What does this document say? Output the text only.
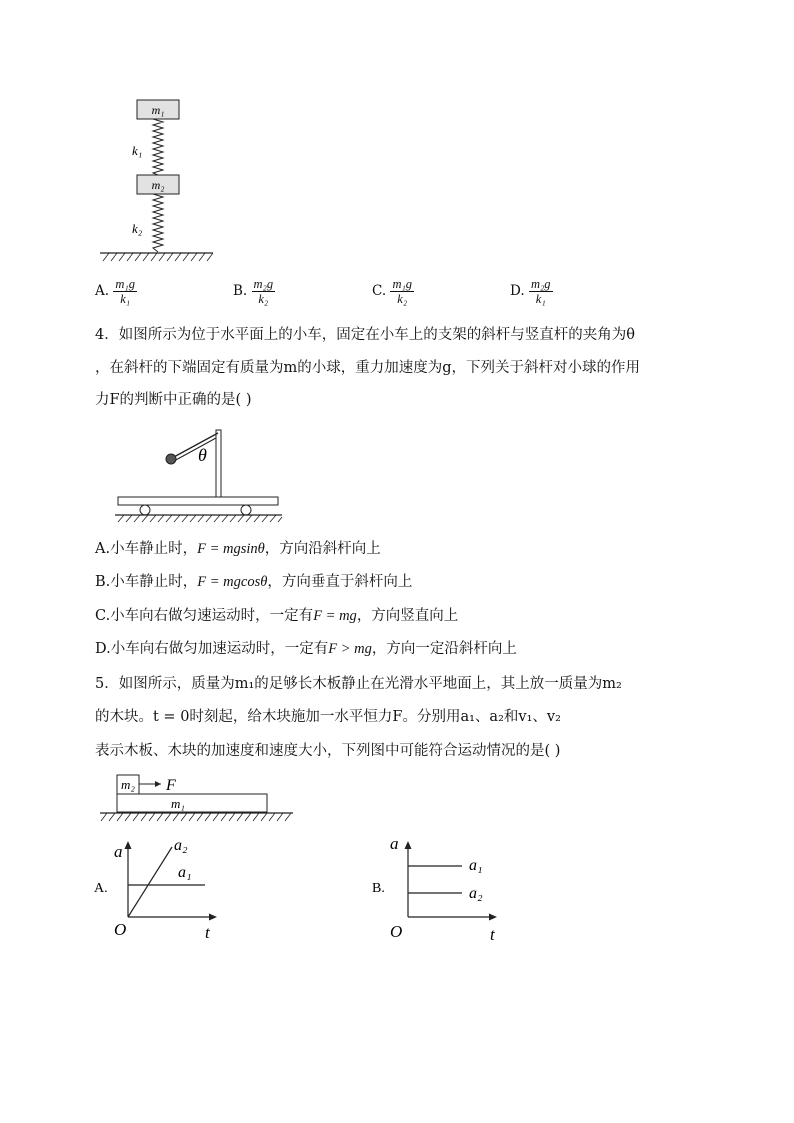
m₁
k₁
m₂
k₂
A. $\frac{\text{m₁g}}{\text{k₁}}$	B. $\frac{\text{m₂g}}{\text{k₂}}$	C. $\frac{\text{m₁g}}{\text{k₂}}$	D. $\frac{\text{m₂g}}{\text{k₁}}$
4．如图所示为位于水平面上的小车，固定在小车上的支架的斜杆与竖直杆的夹角为θ
，在斜杆的下端固定有质量为m的小球，重力加速度为g，下列关于斜杆对小球的作用
力F的判断中正确的是( )
θ
A.小车静止时，F = mgsinθ，方向沿斜杆向上
B.小车静止时，F = mgcosθ，方向垂直于斜杆向上
C.小车向右做匀速运动时，一定有F = mg，方向竖直向上
D.小车向右做匀加速运动时，一定有F > mg，方向一定沿斜杆向上
5．如图所示，质量为m₁的足够长木板静止在光滑水平地面上，其上放一质量为m₂
的木块。t = 0时刻起，给木块施加一水平恒力F。分别用a₁、a₂和v₁、v₂
表示木板、木块的加速度和速度大小，下列图中可能符合运动情况的是( )
m₂ F
m₁
A.
a
t
O
a₂
a₁
B.
a
t
O
a₁
a₂
